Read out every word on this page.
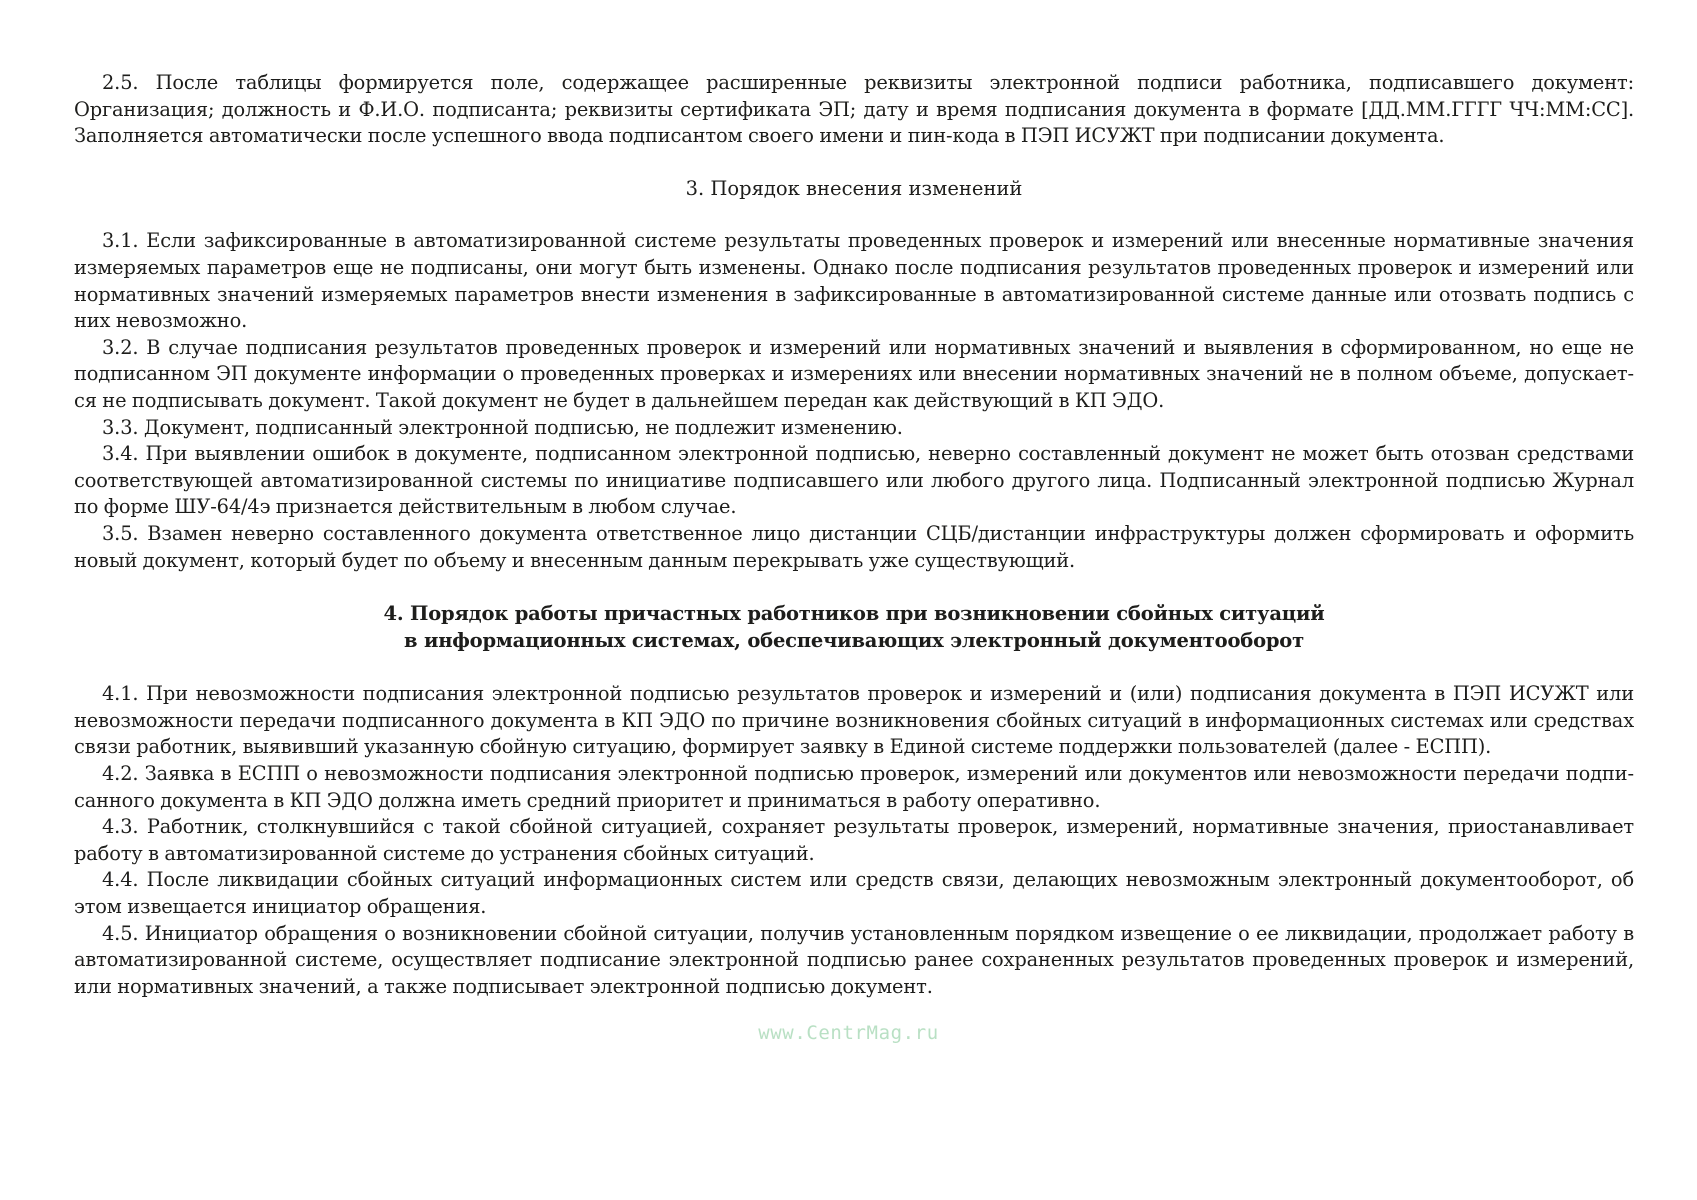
2.5. После таблицы формируется поле, содержащее расширенные реквизиты электронной подписи работника, подписавшего документ: Организация; должность и Ф.И.О. подписанта; реквизиты сертификата ЭП; дату и время подписания документа в формате [ДД.ММ.ГГГГ ЧЧ:ММ:СС]. Заполняется автоматически после успешного ввода подписантом своего имени и пин-кода в ПЭП ИСУЖТ при подписании документа.

3. Порядок внесения изменений

3.1. Если зафиксированные в автоматизированной системе результаты проведенных проверок и измерений или внесенные нормативные значения измеряемых параметров еще не подписаны, они могут быть изменены. Однако после подписания результатов проведенных проверок и измерений или нормативных значений измеряемых параметров внести изменения в зафиксированные в автоматизированной системе данные или отозвать подпись с них невозможно.

3.2. В случае подписания результатов проведенных проверок и измерений или нормативных значений и выявления в сформированном, но еще не подписанном ЭП документе информации о проведенных проверках и измерениях или внесении нормативных значений не в полном объеме, допускается не подписывать документ. Такой документ не будет в дальнейшем передан как действующий в КП ЭДО.

3.3. Документ, подписанный электронной подписью, не подлежит изменению.

3.4. При выявлении ошибок в документе, подписанном электронной подписью, неверно составленный документ не может быть отозван средствами соответствующей автоматизированной системы по инициативе подписавшего или любого другого лица. Подписанный электронной подписью Журнал по форме ШУ-64/4э признается действительным в любом случае.

3.5. Взамен неверно составленного документа ответственное лицо дистанции СЦБ/дистанции инфраструктуры должен сформировать и оформить новый документ, который будет по объему и внесенным данным перекрывать уже существующий.

4. Порядок работы причастных работников при возникновении сбойных ситуаций

в информационных системах, обеспечивающих электронный документооборот

4.1. При невозможности подписания электронной подписью результатов проверок и измерений и (или) подписания документа в ПЭП ИСУЖТ или невозможности передачи подписанного документа в КП ЭДО по причине возникновения сбойных ситуаций в информационных системах или средствах связи работник, выявивший указанную сбойную ситуацию, формирует заявку в Единой системе поддержки пользователей (далее - ЕСПП).

4.2. Заявка в ЕСПП о невозможности подписания электронной подписью проверок, измерений или документов или невозможности передачи подписанного документа в КП ЭДО должна иметь средний приоритет и приниматься в работу оперативно.

4.3. Работник, столкнувшийся с такой сбойной ситуацией, сохраняет результаты проверок, измерений, нормативные значения, приостанавливает работу в автоматизированной системе до устранения сбойных ситуаций.

4.4. После ликвидации сбойных ситуаций информационных систем или средств связи, делающих невозможным электронный документооборот, об этом извещается инициатор обращения.

4.5. Инициатор обращения о возникновении сбойной ситуации, получив установленным порядком извещение о ее ликвидации, продолжает работу в автоматизированной системе, осуществляет подписание электронной подписью ранее сохраненных результатов проведенных проверок и измерений, или нормативных значений, а также подписывает электронной подписью документ.

www.CentrMag.ru
